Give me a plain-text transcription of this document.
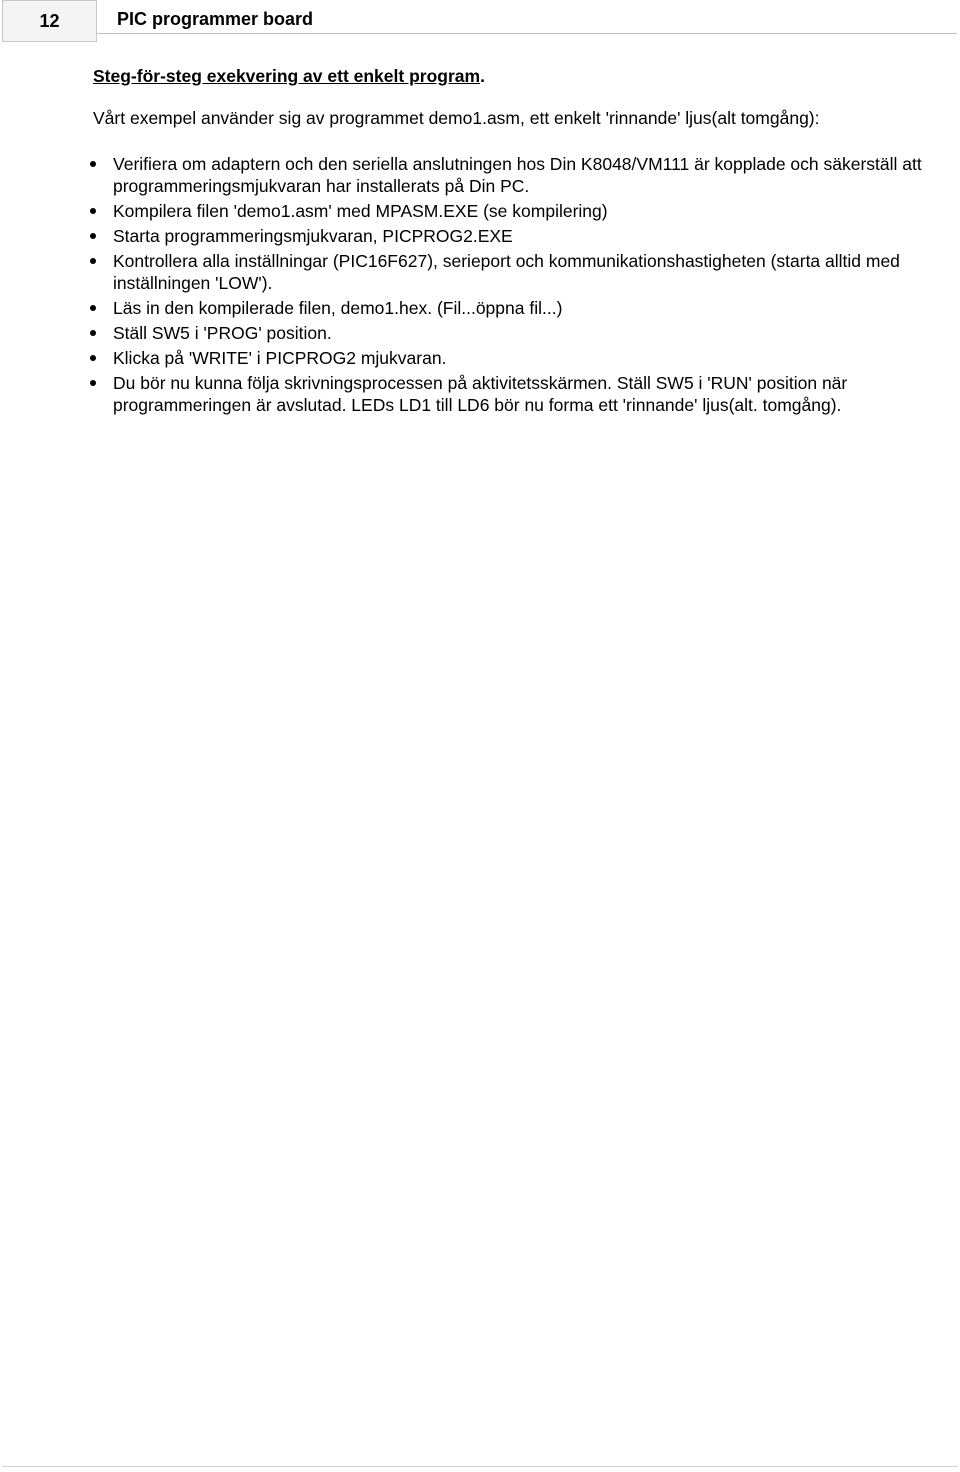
12	PIC programmer board

Steg-för-steg exekvering av ett enkelt program.

Vårt exempel använder sig av programmet demo1.asm, ett enkelt 'rinnande' ljus(alt tomgång):

Verifiera om adaptern och den seriella anslutningen hos Din K8048/VM111 är kopplade och säkerställ att programmeringsmjukvaran har installerats på Din PC.
Kompilera filen 'demo1.asm' med MPASM.EXE (se kompilering)
Starta programmeringsmjukvaran, PICPROG2.EXE
Kontrollera alla inställningar (PIC16F627), serieport och kommunikationshastigheten (starta alltid med inställningen 'LOW').
Läs in den kompilerade filen, demo1.hex. (Fil...öppna fil...)
Ställ SW5 i 'PROG' position.
Klicka på 'WRITE' i PICPROG2 mjukvaran.
Du bör nu kunna följa skrivningsprocessen på aktivitetsskärmen. Ställ SW5 i 'RUN' position när programmeringen är avslutad. LEDs LD1 till LD6 bör nu forma ett 'rinnande' ljus(alt. tomgång).
